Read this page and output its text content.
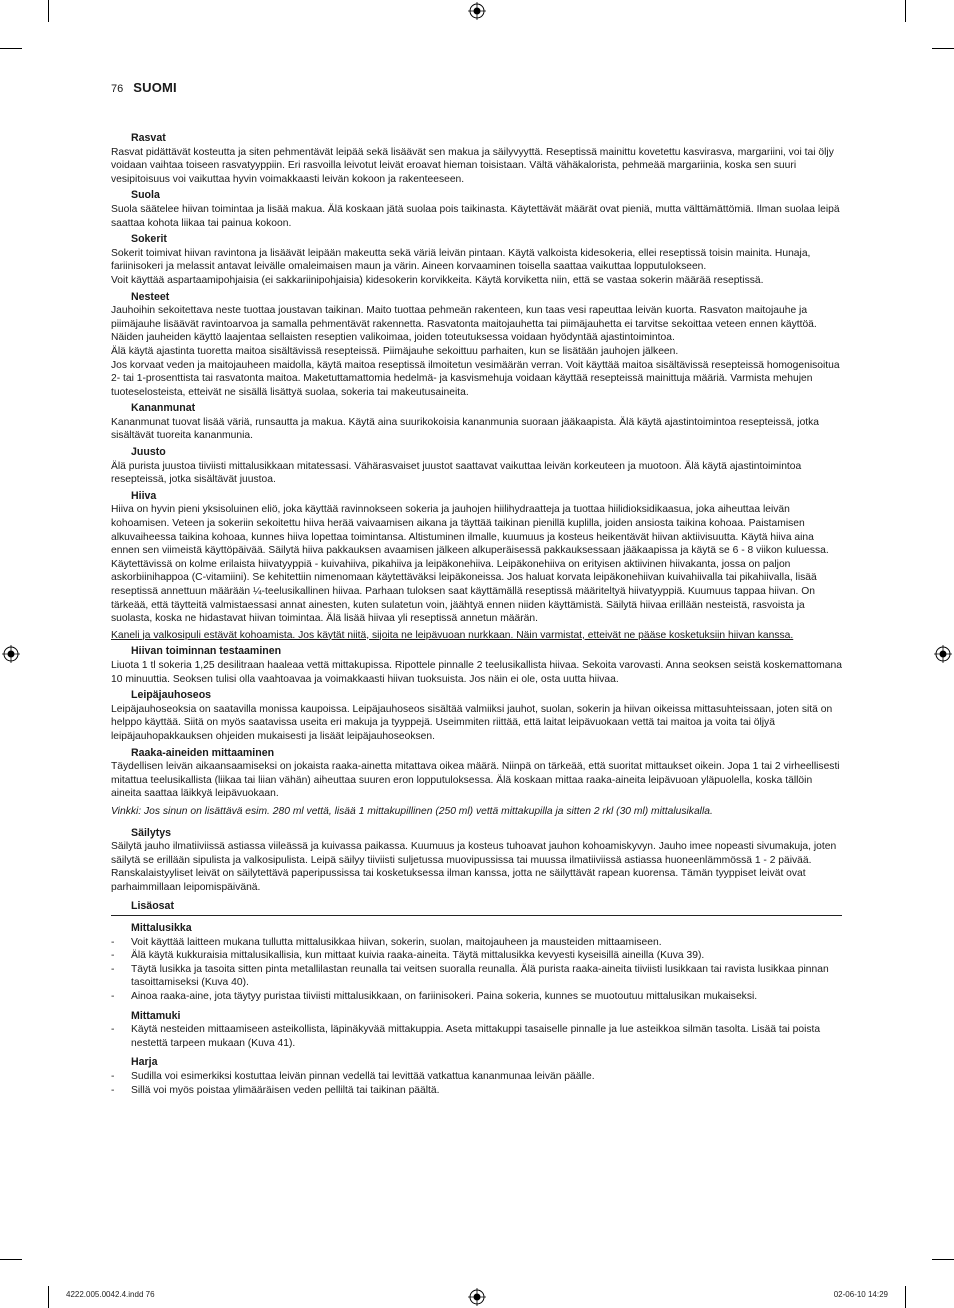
76 SUOMI
Rasvat

Rasvat pidättävät kosteutta ja siten pehmentävät leipää sekä lisäävät sen makua ja säilyvyyttä. Reseptissä mainittu kovetettu kasvirasva, margariini, voi tai öljy voidaan vaihtaa toiseen rasvatyyppiin. Eri rasvoilla leivotut leivät eroavat hieman toisistaan. Vältä vähäkalorista, pehmeää margariinia, koska sen suuri vesipitoisuus voi vaikuttaa hyvin voimakkaasti leivän kokoon ja rakenteeseen.

Suola

Suola säätelee hiivan toimintaa ja lisää makua. Älä koskaan jätä suolaa pois taikinasta. Käytettävät määrät ovat pieniä, mutta välttämättömiä. Ilman suolaa leipä saattaa kohota liikaa tai painua kokoon.

Sokerit

Sokerit toimivat hiivan ravintona ja lisäävät leipään makeutta sekä väriä leivän pintaan. Käytä valkoista kidesokeria, ellei reseptissä toisin mainita. Hunaja, fariinisokeri ja melassit antavat leivälle omaleimaisen maun ja värin. Aineen korvaaminen toisella saattaa vaikuttaa lopputulokseen.

Voit käyttää aspartaamipohjaisia (ei sakkariinipohjaisia) kidesokerin korvikkeita. Käytä korviketta niin, että se vastaa sokerin määrää reseptissä.

Nesteet

Jauhoihin sekoitettava neste tuottaa joustavan taikinan. Maito tuottaa pehmeän rakenteen, kun taas vesi rapeuttaa leivän kuorta. Rasvaton maitojauhe ja piimäjauhe lisäävät ravintoarvoa ja samalla pehmentävät rakennetta. Rasvatonta maitojauhetta tai piimäjauhetta ei tarvitse sekoittaa veteen ennen käyttöä. Näiden jauheiden käyttö laajentaa sellaisten reseptien valikoimaa, joiden toteutuksessa voidaan hyödyntää ajastintoimintoa.

Älä käytä ajastinta tuoretta maitoa sisältävissä resepteissä. Piimäjauhe sekoittuu parhaiten, kun se lisätään jauhojen jälkeen.

Jos korvaat veden ja maitojauheen maidolla, käytä maitoa reseptissä ilmoitetun vesimäärän verran. Voit käyttää maitoa sisältävissä resepteissä homogenisoitua 2- tai 1-prosenttista tai rasvatonta maitoa. Maketuttamattomia hedelmä- ja kasvismehuja voidaan käyttää resepteissä mainittuja määriä. Varmista mehujen tuoteselosteista, etteivät ne sisällä lisättyä suolaa, sokeria tai makeutusaineita.

Kananmunat

Kananmunat tuovat lisää väriä, runsautta ja makua. Käytä aina suurikokoisia kananmunia suoraan jääkaapista. Älä käytä ajastintoimintoa resepteissä, jotka sisältävät tuoreita kananmunia.

Juusto

Älä purista juustoa tiiviisti mittalusikkaan mitatessasi. Vähärasvaiset juustot saattavat vaikuttaa leivän korkeuteen ja muotoon. Älä käytä ajastintoimintoa resepteissä, jotka sisältävät juustoa.

Hiiva

Hiiva on hyvin pieni yksisoluinen eliö, joka käyttää ravinnokseen sokeria ja jauhojen hiilihydraatteja ja tuottaa hiilidioksidikaasua, joka aiheuttaa leivän kohoamisen. Veteen ja sokeriin sekoitettu hiiva herää vaivaamisen aikana ja täyttää taikinan pienillä kuplilla, joiden ansiosta taikina kohoaa. Paistamisen alkuvaiheessa taikina kohoaa, kunnes hiiva lopettaa toimintansa. Altistuminen ilmalle, kuumuus ja kosteus heikentävät hiivan aktiivisuutta. Käytä hiiva aina ennen sen viimeistä käyttöpäivää. Säilytä hiiva pakkauksen avaamisen jälkeen alkuperäisessä pakkauksessaan jääkaapissa ja käytä se 6 - 8 viikon kuluessa. Käytettävissä on kolme erilaista hiivatyyppiä - kuivahiiva, pikahiiva ja leipäkonehiiva. Leipäkonehiiva on erityisen aktiivinen hiivakanta, jossa on paljon askorbiinihappoa (C-vitamiini). Se kehitettiin nimenomaan käytettäväksi leipäkoneissa. Jos haluat korvata leipäkonehiivan kuivahiivalla tai pikahiivalla, lisää reseptissä annettuun määrään ¼-teelusikallinen hiivaa. Parhaan tuloksen saat käyttämällä reseptissä määriteltyä hiivatyyppiä. Kuumuus tappaa hiivan. On tärkeää, että täytteitä valmistaessasi annat ainesten, kuten sulatetun voin, jäähtyä ennen niiden käyttämistä. Säilytä hiivaa erillään nesteistä, rasvoista ja suolasta, koska ne hidastavat hiivan toimintaa. Älä lisää hiivaa yli reseptissä annetun määrän.

Kaneli ja valkosipuli estävät kohoamista. Jos käytät niitä, sijoita ne leipävuoan nurkkaan. Näin varmistat, etteivät ne pääse kosketuksiin hiivan kanssa.

Hiivan toiminnan testaaminen

Liuota 1 tl sokeria 1,25 desilitraan haaleaa vettä mittakupissa. Ripottele pinnalle 2 teelusikallista hiivaa. Sekoita varovasti. Anna seoksen seistä koskemattomana 10 minuuttia. Seoksen tulisi olla vaahtoavaa ja voimakkaasti hiivan tuoksuista. Jos näin ei ole, osta uutta hiivaa.

Leipäjauhoseos

Leipäjauhoseoksia on saatavilla monissa kaupoissa. Leipäjauhoseos sisältää valmiiksi jauhot, suolan, sokerin ja hiivan oikeissa mittasuhteissaan, joten sitä on helppo käyttää. Siitä on myös saatavissa useita eri makuja ja tyyppejä. Useimmiten riittää, että laitat leipävuokaan vettä tai maitoa ja voita tai öljyä leipäjauhopakkauksen ohjeiden mukaisesti ja lisäät leipäjauhoseoksen.

Raaka-aineiden mittaaminen

Täydellisen leivän aikaansaamiseksi on jokaista raaka-ainetta mitattava oikea määrä. Niinpä on tärkeää, että suoritat mittaukset oikein. Jopa 1 tai 2 virheellisesti mitattua teelusikallista (liikaa tai liian vähän) aiheuttaa suuren eron lopputuloksessa. Älä koskaan mittaa raaka-aineita leipävuoan yläpuolella, koska tällöin aineita saattaa läikkyä leipävuokaan.

Vinkki: Jos sinun on lisättävä esim. 280 ml vettä, lisää 1 mittakupillinen (250 ml) vettä mittakupilla ja sitten 2 rkl (30 ml) mittalusikalla.

Säilytys

Säilytä jauho ilmatiiviissä astiassa viileässä ja kuivassa paikassa. Kuumuus ja kosteus tuhoavat jauhon kohoamiskyvyn. Jauho imee nopeasti sivumakuja, joten säilytä se erillään sipulista ja valkosipulista. Leipä säilyy tiiviisti suljetussa muovipussissa tai muussa ilmatiiviissä astiassa huoneenlämmössä 1 - 2 päivää. Ranskalaistyyliset leivät on säilytettävä paperipussissa tai kosketuksessa ilman kanssa, jotta ne säilyttävät rapean kuorensa. Tämän tyyppiset leivät ovat parhaimmillaan leipomispäivänä.

Lisäosat
Mittalusikka
- Voit käyttää laitteen mukana tullutta mittalusikkaa hiivan, sokerin, suolan, maitojauheen ja mausteiden mittaamiseen.
- Älä käytä kukkuraisia mittalusikallisia, kun mittaat kuivia raaka-aineita. Täytä mittalusikka kevyesti kyseisillä aineilla (Kuva 39).
- Täytä lusikka ja tasoita sitten pinta metallilastan reunalla tai veitsen suoralla reunalla. Älä purista raaka-aineita tiiviisti lusikkaan tai ravista lusikkaa pinnan tasoittamiseksi (Kuva 40).
- Ainoa raaka-aine, jota täytyy puristaa tiiviisti mittalusikkaan, on fariinisokeri. Paina sokeria, kunnes se muotoutuu mittalusikan mukaiseksi.
Mittamuki
- Käytä nesteiden mittaamiseen asteikollista, läpinäkyvää mittakuppia. Aseta mittakuppi tasaiselle pinnalle ja lue asteikkoa silmän tasolta. Lisää tai poista nestettä tarpeen mukaan (Kuva 41).
Harja
- Sudilla voi esimerkiksi kostuttaa leivän pinnan vedellä tai levittää vatkattua kananmunaa leivän päälle.
- Sillä voi myös poistaa ylimääräisen veden pelliltä tai taikinan päältä.
4222.005.0042.4.indd 76	02-06-10 14:29
